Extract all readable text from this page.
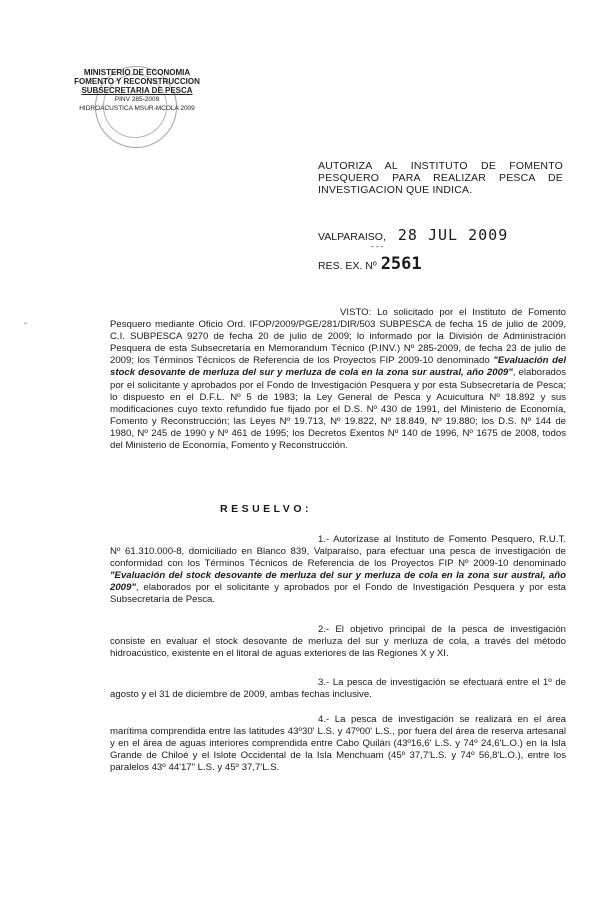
MINISTERIO DE ECONOMIA
FOMENTO Y RECONSTRUCCION
SUBSECRETARIA DE PESCA
PINV 285-2009
HIDROACUSTICA MSUR-MCOLA 2009
AUTORIZA AL INSTITUTO DE FOMENTO PESQUERO PARA REALIZAR PESCA DE INVESTIGACION QUE INDICA.
VALPARAISO, 28 JUL 2009
- - -
RES. EX. Nº 2561
-
VISTO: Lo solicitado por el Instituto de Fomento Pesquero mediante Oficio Ord. IFOP/2009/PGE/281/DIR/503 SUBPESCA de fecha 15 de julio de 2009, C.I. SUBPESCA 9270 de fecha 20 de julio de 2009; lo informado por la División de Administración Pesquera de esta Subsecretaría en Memorandum Técnico (P.INV.) Nº 285-2009, de fecha 23 de julio de 2009; los Términos Técnicos de Referencia de los Proyectos FIP 2009-10 denominado "Evaluación del stock desovante de merluza del sur y merluza de cola en la zona sur austral, año 2009", elaborados por el solicitante y aprobados por el Fondo de Investigación Pesquera y por esta Subsecretaría de Pesca; lo dispuesto en el D.F.L. Nº 5 de 1983; la Ley General de Pesca y Acuicultura Nº 18.892 y sus modificaciones cuyo texto refundido fue fijado por el D.S. Nº 430 de 1991, del Ministerio de Economía, Fomento y Reconstrucción; las Leyes Nº 19.713, Nº 19.822, Nº 18.849, Nº 19.880; los D.S. Nº 144 de 1980, Nº 245 de 1990 y Nº 461 de 1995; los Decretos Exentos Nº 140 de 1996, Nº 1675 de 2008, todos del Ministerio de Economía, Fomento y Reconstrucción.
RESUELVO:
1.- Autorízase al Instituto de Fomento Pesquero, R.U.T. Nº 61.310.000-8, domiciliado en Blanco 839, Valparaíso, para efectuar una pesca de investigación de conformidad con los Términos Técnicos de Referencia de los Proyectos FIP Nº 2009-10 denominado "Evaluación del stock desovante de merluza del sur y merluza de cola en la zona sur austral, año 2009", elaborados por el solicitante y aprobados por el Fondo de Investigación Pesquera y por esta Subsecretaría de Pesca.
2.- El objetivo principal de la pesca de investigación consiste en evaluar el stock desovante de merluza del sur y merluza de cola, a través del método hidroacústico, existente en el litoral de aguas exteriores de las Regiones X y XI.
3.- La pesca de investigación se efectuará entre el 1º de agosto y el 31 de diciembre de 2009, ambas fechas inclusive.
4.- La pesca de investigación se realizará en el área marítima comprendida entre las latitudes 43º30' L.S. y 47º00' L.S., por fuera del área de reserva artesanal y en el área de aguas interiores comprendida entre Cabo Quilán (43º16,6' L.S. y 74º 24,6'L.O.) en la Isla Grande de Chiloé y el Islote Occidental de la Isla Menchuam (45º 37,7'L.S. y 74º 56,8'L.O.), entre los paralelos 43º 44'17" L.S. y 45º 37,7'L.S.
